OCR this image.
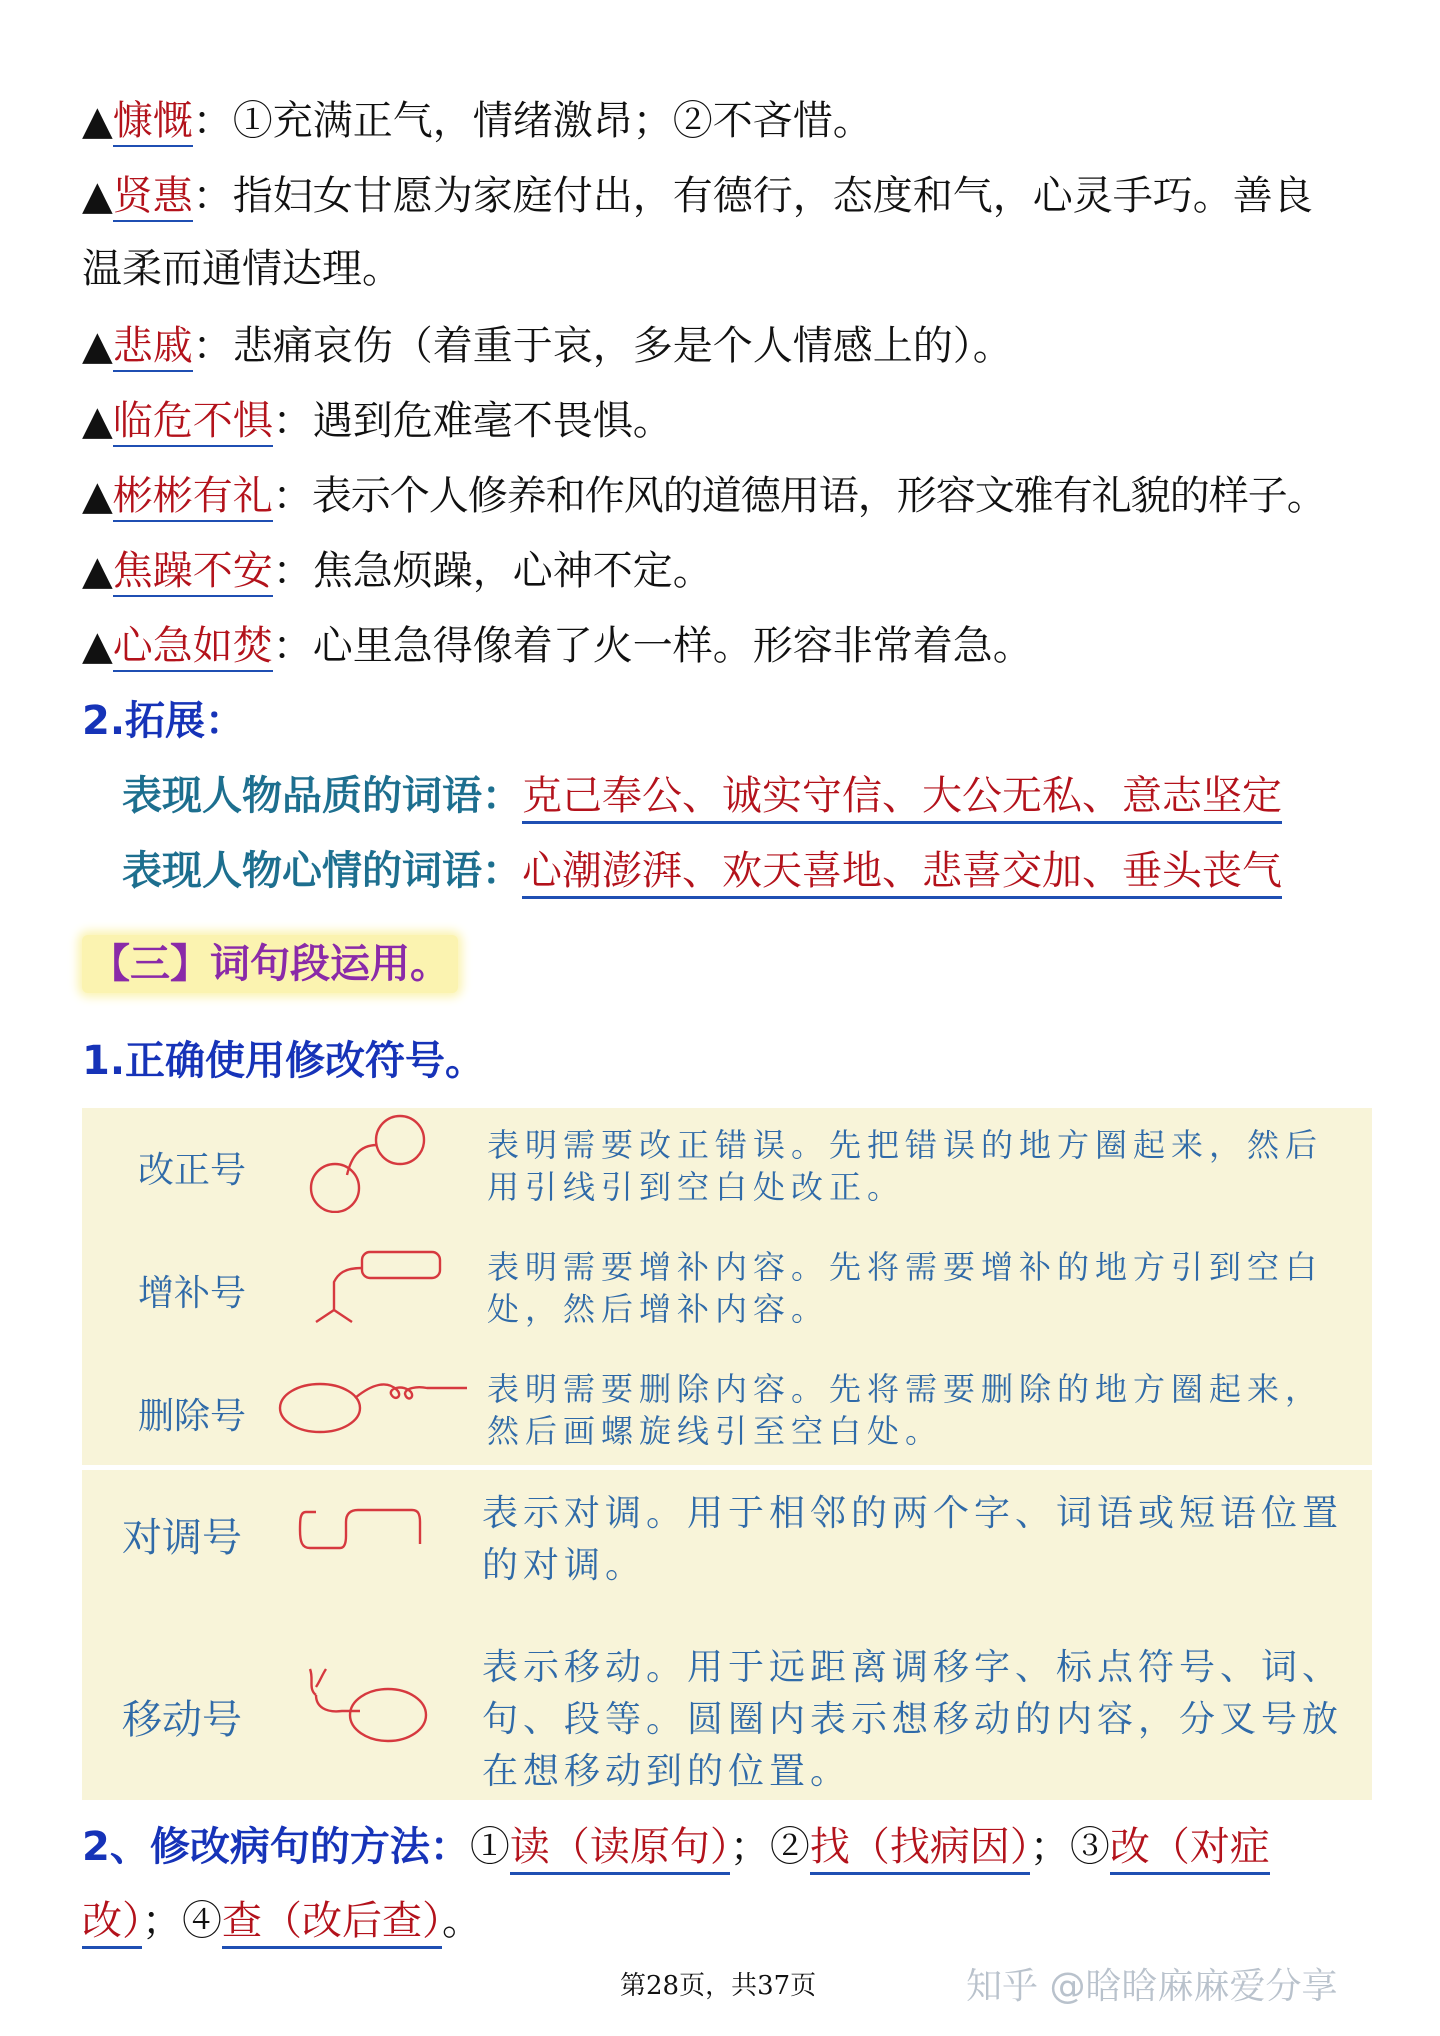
▲慷慨：①充满正气，情绪激昂；②不吝惜。
▲贤惠：指妇女甘愿为家庭付出，有德行，态度和气，心灵手巧。善良
温柔而通情达理。
▲悲戚：悲痛哀伤（着重于哀，多是个人情感上的）。
▲临危不惧：遇到危难毫不畏惧。
▲彬彬有礼：表示个人修养和作风的道德用语，形容文雅有礼貌的样子。
▲焦躁不安：焦急烦躁，心神不定。
▲心急如焚：心里急得像着了火一样。形容非常着急。
2.拓展：
表现人物品质的词语：克己奉公、诚实守信、大公无私、意志坚定
表现人物心情的词语：心潮澎湃、欢天喜地、悲喜交加、垂头丧气
【三】词句段运用。
1.正确使用修改符号。
改正号
表明需要改正错误。先把错误的地方圈起来，然后用引线引到空白处改正。
增补号
表明需要增补内容。先将需要增补的地方引到空白处，然后增补内容。
删除号
表明需要删除内容。先将需要删除的地方圈起来，然后画螺旋线引至空白处。
对调号
表示对调。用于相邻的两个字、词语或短语位置的对调。
移动号
表示移动。用于远距离调移字、标点符号、词、句、段等。圆圈内表示想移动的内容，分叉号放在想移动到的位置。
2、修改病句的方法：①读（读原句）；②找（找病因）；③改（对症
改）；④查（改后查）。
第28页，共37页	知乎 @晗晗麻麻爱分享
